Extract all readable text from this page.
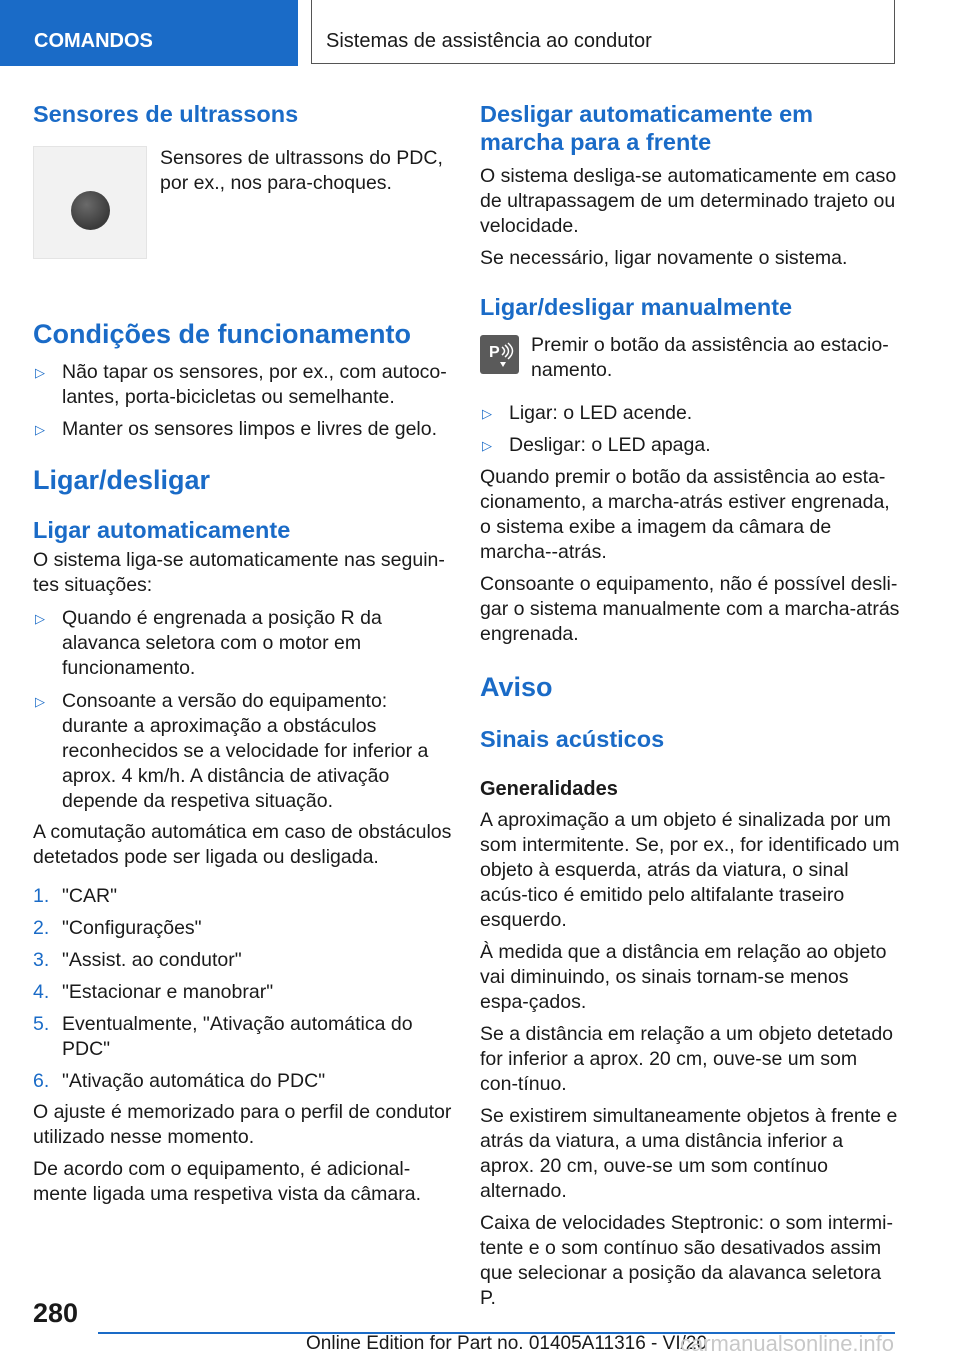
COMANDOS	Sistemas de assistência ao condutor
Sensores de ultrassons

Sensores de ultrassons do PDC, por ex., nos para-choques.

Condições de funcionamento
▷ Não tapar os sensores, por ex., com autoco-lantes, porta-bicicletas ou semelhante.
▷ Manter os sensores limpos e livres de gelo.
Ligar/desligar
Ligar automaticamente

O sistema liga-se automaticamente nas seguin-tes situações:

▷ Quando é engrenada a posição R da alavanca seletora com o motor em funcionamento.
▷ Consoante a versão do equipamento: durante a aproximação a obstáculos reconhecidos se a velocidade for inferior a aprox. 4 km/h. A distância de ativação depende da respetiva situação.

A comutação automática em caso de obstáculos detetados pode ser ligada ou desligada.

1. "CAR"
2. "Configurações"
3. "Assist. ao condutor"
4. "Estacionar e manobrar"
5. Eventualmente, "Ativação automática do PDC"
6. "Ativação automática do PDC"

O ajuste é memorizado para o perfil de condutor utilizado nesse momento.

De acordo com o equipamento, é adicional-mente ligada uma respetiva vista da câmara.

Desligar automaticamente em marcha para a frente

O sistema desliga-se automaticamente em caso de ultrapassagem de um determinado trajeto ou velocidade.

Se necessário, ligar novamente o sistema.

Ligar/desligar manualmente
P Premir o botão da assistência ao estacio-namento.

▷ Ligar: o LED acende.
▷ Desligar: o LED apaga.

Quando premir o botão da assistência ao esta-cionamento, a marcha-atrás estiver engrenada, o sistema exibe a imagem da câmara de marcha--atrás.

Consoante o equipamento, não é possível desli-gar o sistema manualmente com a marcha-atrás engrenada.

Aviso
Sinais acústicos
Generalidades

A aproximação a um objeto é sinalizada por um som intermitente. Se, por ex., for identificado um objeto à esquerda, atrás da viatura, o sinal acús-tico é emitido pelo altifalante traseiro esquerdo.

À medida que a distância em relação ao objeto vai diminuindo, os sinais tornam-se menos espa-çados.

Se a distância em relação a um objeto detetado for inferior a aprox. 20 cm, ouve-se um som con-tínuo.

Se existirem simultaneamente objetos à frente e atrás da viatura, a uma distância inferior a aprox. 20 cm, ouve-se um som contínuo alternado.

Caixa de velocidades Steptronic: o som intermi-tente e o som contínuo são desativados assim que selecionar a posição da alavanca seletora P.

280
Online Edition for Part no. 01405A11316 - VI/20
carmanualsonline.info
